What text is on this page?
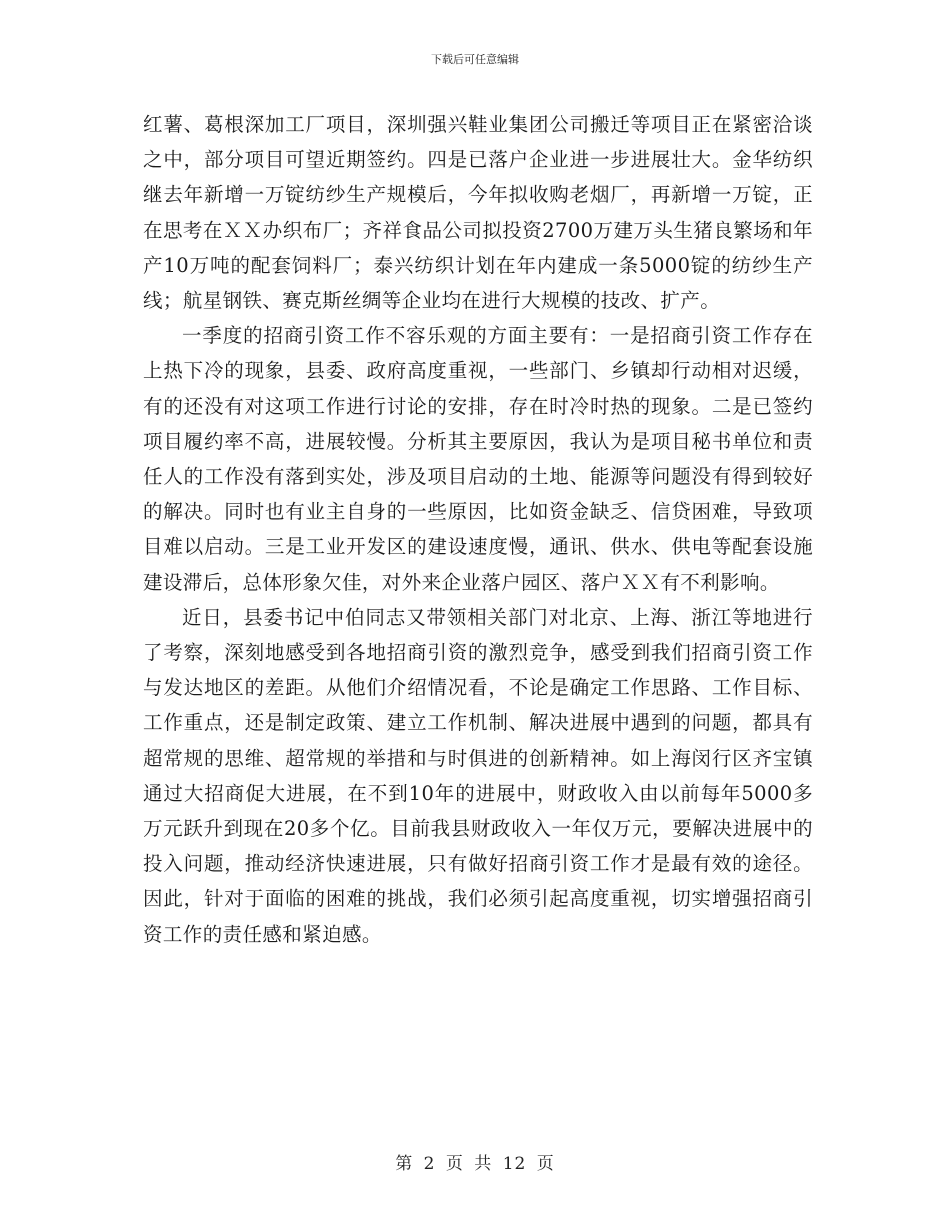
下载后可任意编辑

红薯、葛根深加工厂项目，深圳强兴鞋业集团公司搬迁等项目正在紧密洽谈之中，部分项目可望近期签约。四是已落户企业进一步进展壮大。金华纺织继去年新增一万锭纺纱生产规模后，今年拟收购老烟厂，再新增一万锭，正在思考在ＸＸ办织布厂；齐祥食品公司拟投资2700万建万头生猪良繁场和年产10万吨的配套饲料厂；泰兴纺织计划在年内建成一条5000锭的纺纱生产线；航星钢铁、赛克斯丝绸等企业均在进行大规模的技改、扩产。

一季度的招商引资工作不容乐观的方面主要有：一是招商引资工作存在上热下冷的现象，县委、政府高度重视，一些部门、乡镇却行动相对迟缓，有的还没有对这项工作进行讨论的安排，存在时冷时热的现象。二是已签约项目履约率不高，进展较慢。分析其主要原因，我认为是项目秘书单位和责任人的工作没有落到实处，涉及项目启动的土地、能源等问题没有得到较好的解决。同时也有业主自身的一些原因，比如资金缺乏、信贷困难，导致项目难以启动。三是工业开发区的建设速度慢，通讯、供水、供电等配套设施建设滞后，总体形象欠佳，对外来企业落户园区、落户ＸＸ有不利影响。

近日，县委书记中伯同志又带领相关部门对北京、上海、浙江等地进行了考察，深刻地感受到各地招商引资的激烈竞争，感受到我们招商引资工作与发达地区的差距。从他们介绍情况看，不论是确定工作思路、工作目标、工作重点，还是制定政策、建立工作机制、解决进展中遇到的问题，都具有超常规的思维、超常规的举措和与时俱进的创新精神。如上海闵行区齐宝镇通过大招商促大进展，在不到10年的进展中，财政收入由以前每年5000多万元跃升到现在20多个亿。目前我县财政收入一年仅万元，要解决进展中的投入问题，推动经济快速进展，只有做好招商引资工作才是最有效的途径。因此，针对于面临的困难的挑战，我们必须引起高度重视，切实增强招商引资工作的责任感和紧迫感。

第 2 页 共 12 页
